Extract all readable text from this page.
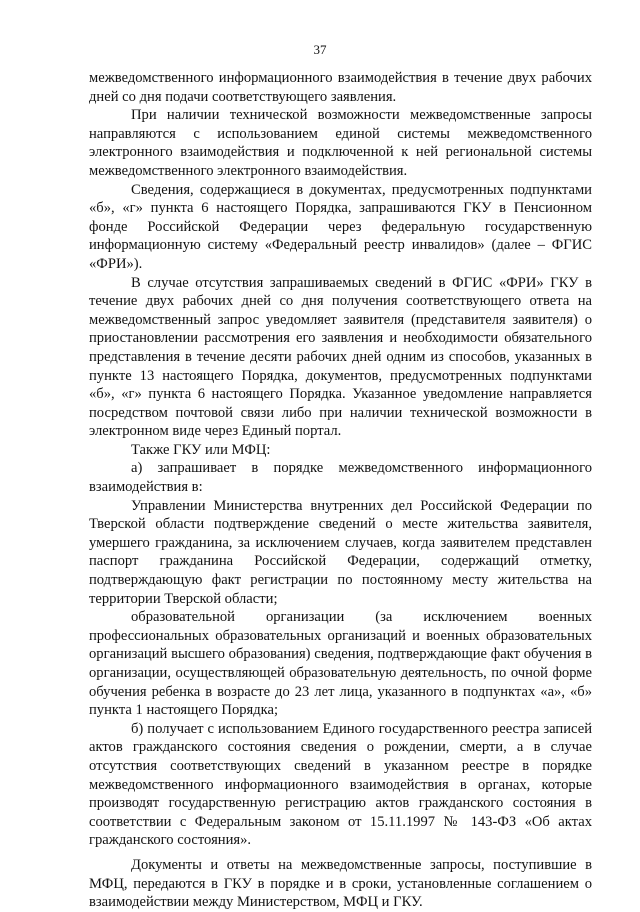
37

межведомственного информационного взаимодействия в течение двух рабочих дней со дня подачи соответствующего заявления.

При наличии технической возможности межведомственные запросы направляются с использованием единой системы межведомственного электронного взаимодействия и подключенной к ней региональной системы межведомственного электронного взаимодействия.

Сведения, содержащиеся в документах, предусмотренных подпунктами «б», «г» пункта 6 настоящего Порядка, запрашиваются ГКУ в Пенсионном фонде Российской Федерации через федеральную государственную информационную систему «Федеральный реестр инвалидов» (далее – ФГИС «ФРИ»).

В случае отсутствия запрашиваемых сведений в ФГИС «ФРИ» ГКУ в течение двух рабочих дней со дня получения соответствующего ответа на межведомственный запрос уведомляет заявителя (представителя заявителя) о приостановлении рассмотрения его заявления и необходимости обязательного представления в течение десяти рабочих дней одним из способов, указанных в пункте 13 настоящего Порядка, документов, предусмотренных подпунктами «б», «г» пункта 6 настоящего Порядка. Указанное уведомление направляется посредством почтовой связи либо при наличии технической возможности в электронном виде через Единый портал.

Также ГКУ или МФЦ:

а) запрашивает в порядке межведомственного информационного взаимодействия в:

Управлении Министерства внутренних дел Российской Федерации по Тверской области подтверждение сведений о месте жительства заявителя, умершего гражданина, за исключением случаев, когда заявителем представлен паспорт гражданина Российской Федерации, содержащий отметку, подтверждающую факт регистрации по постоянному месту жительства на территории Тверской области;

образовательной организации (за исключением военных профессиональных образовательных организаций и военных образовательных организаций высшего образования) сведения, подтверждающие факт обучения в организации, осуществляющей образовательную деятельность, по очной форме обучения ребенка в возрасте до 23 лет лица, указанного в подпунктах «а», «б» пункта 1 настоящего Порядка;

б) получает с использованием Единого государственного реестра записей актов гражданского состояния сведения о рождении, смерти, а в случае отсутствия соответствующих сведений в указанном реестре в порядке межведомственного информационного взаимодействия в органах, которые производят государственную регистрацию актов гражданского состояния в соответствии с Федеральным законом от 15.11.1997 № 143-ФЗ «Об актах гражданского состояния».

Документы и ответы на межведомственные запросы, поступившие в МФЦ, передаются в ГКУ в порядке и в сроки, установленные соглашением о взаимодействии между Министерством, МФЦ и ГКУ.
